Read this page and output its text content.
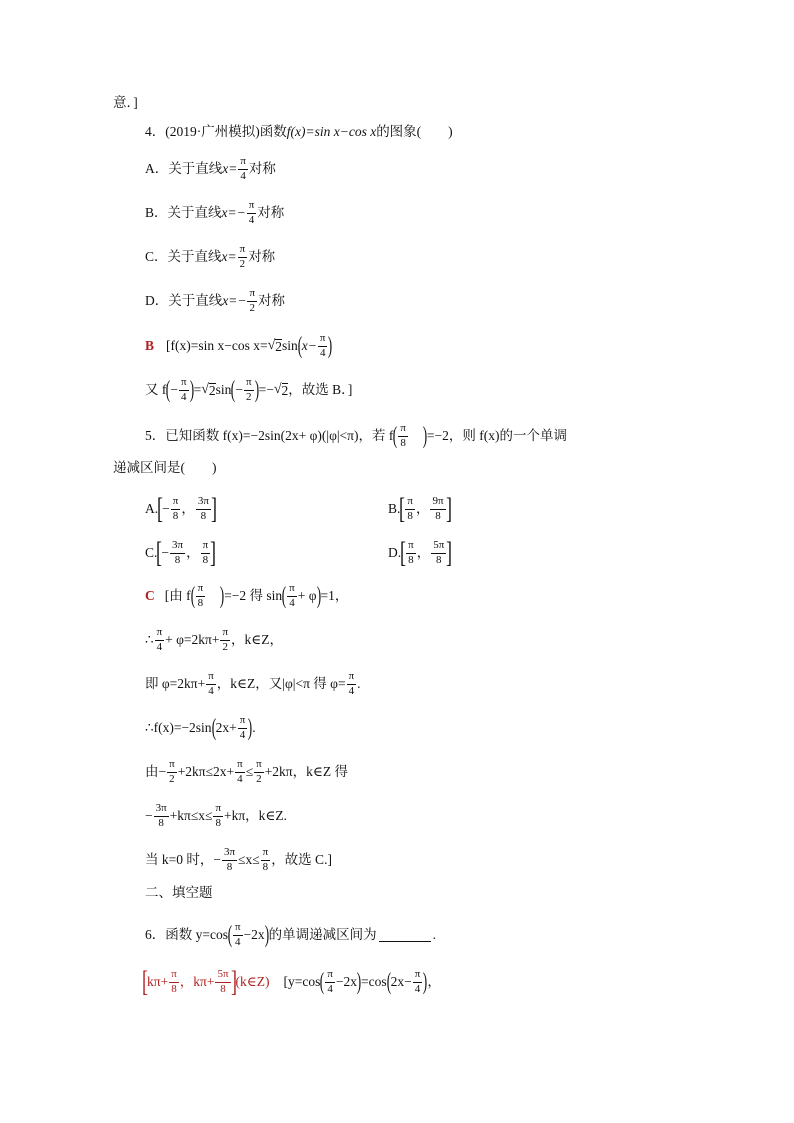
意．]
4．(2019·广州模拟)函数 f(x)=sin x−cos x 的图象(　　)
A．关于直线 $x= \frac{\pi}{4}$ 对称
B．关于直线 $x=- \frac{\pi}{4}$ 对称
C．关于直线 $x= \frac{\pi}{2}$ 对称
D．关于直线 $x=- \frac{\pi}{2}$ 对称
B [f(x)=sin x−cos x= √ 2 sin ( $x- \frac{\pi}{4}$ )
又 f ( − $\frac{\pi}{4}$ ) = √ 2 sin ( − $\frac{\pi}{2}$ ) =− √ 2 ，故选 B．]
5．已知函数 f(x)=−2sin(2x+ φ)(|φ|<π)，若 f ( $\frac{\pi}{8}$ ) =−2，则 f(x)的一个单调
递减区间是(　　)
A. [ − $\frac{\pi}{8}$ ， $\frac{3\pi}{8}$ ]	B. [ $\frac{\pi}{8}$ ， $\frac{9\pi}{8}$ ]
C. [ − $\frac{3\pi}{8}$ ， $\frac{\pi}{8}$ ]	D. [ $\frac{\pi}{8}$ ， $\frac{5\pi}{8}$ ]
C [由 f ( $\frac{\pi}{8}$ ) =−2 得 sin ( $\frac{\pi}{4} + \varphi$ ) =1，
∴ $\frac{\pi}{4} + \varphi=2k\pi+ \frac{\pi}{2}$ ，k∈Z，
即 $\varphi=2k\pi+ \frac{\pi}{4}$ ，k∈Z，又|φ|<π 得 $\varphi= \frac{\pi}{4}$ .
∴f(x)=−2sin ( $2x+ \frac{\pi}{4}$ ) .
由− $\frac{\pi}{2} +2k\pi\le 2x+ \frac{\pi}{4} \le \frac{\pi}{2} +2k\pi$，k∈Z 得
− $\frac{3\pi}{8} +k\pi\le x\le \frac{\pi}{8} +k\pi$，k∈Z.
当 k=0 时，− $\frac{3\pi}{8} \le x\le \frac{\pi}{8}$ ，故选 C.]
二、填空题
6．函数 y=cos ( $\frac{\pi}{4} -2x$ ) 的单调递减区间为	.
[ $k\pi+ \frac{\pi}{8}$ ， $k\pi+ \frac{5\pi}{8}$ ] (k∈Z) [y=cos ( $\frac{\pi}{4} -2x$ ) =cos ( $2x- \frac{\pi}{4}$ ) ，
